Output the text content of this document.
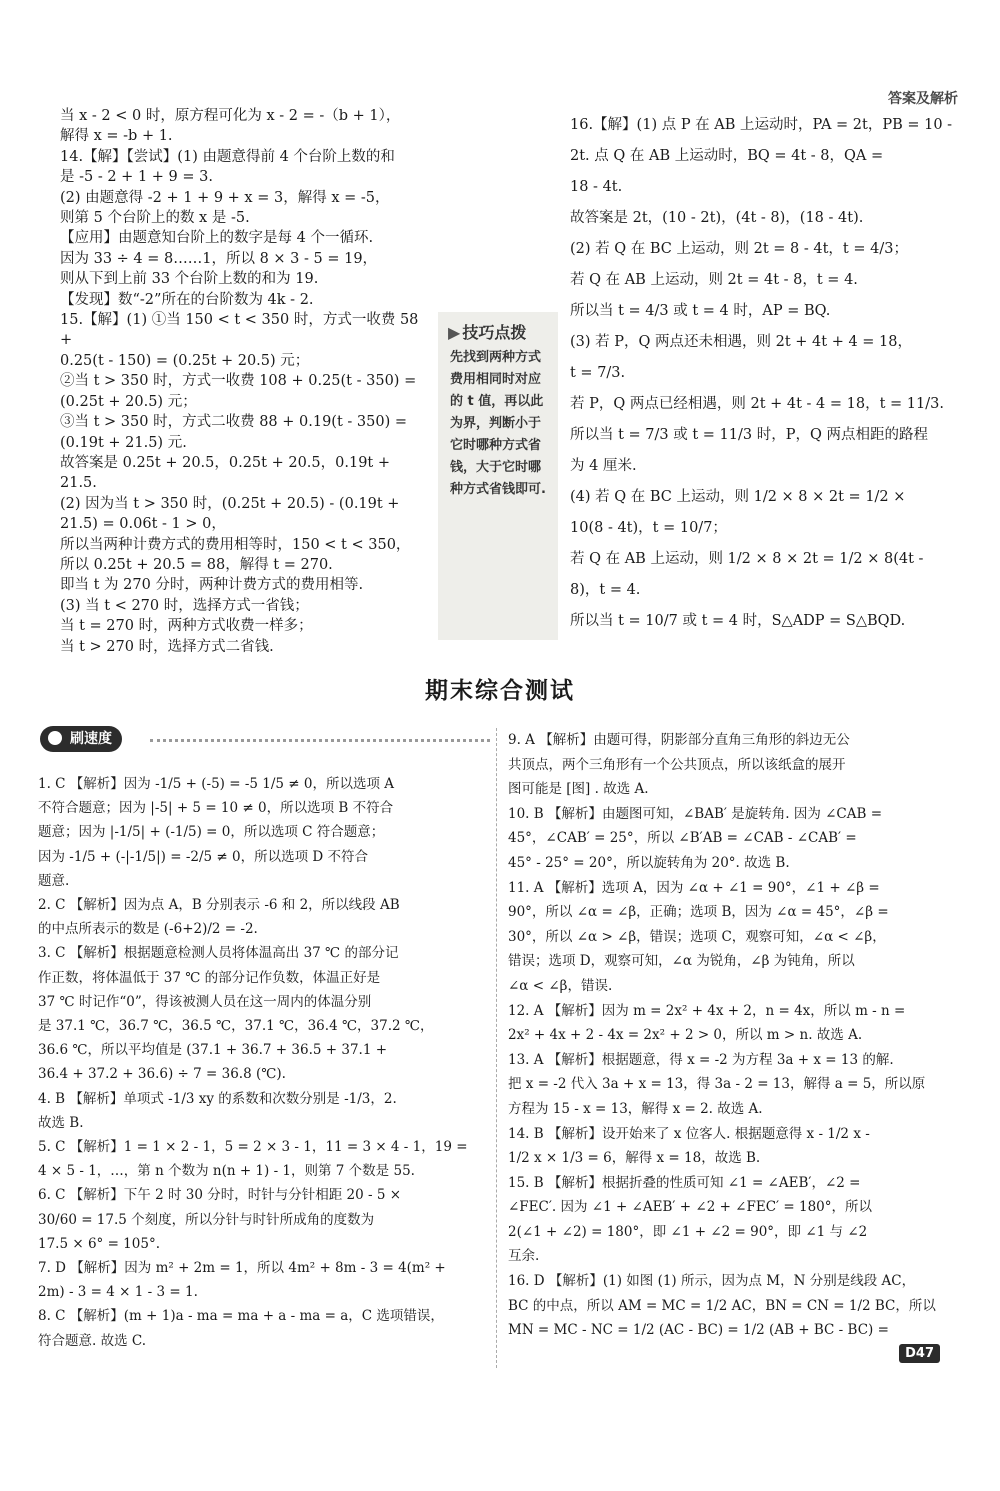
答案及解析

当 x - 2 < 0 时，原方程可化为 x - 2 = -（b + 1），

解得 x = -b + 1.

14.【解】【尝试】(1) 由题意得前 4 个台阶上数的和

是 -5 - 2 + 1 + 9 = 3.

(2) 由题意得 -2 + 1 + 9 + x = 3，解得 x = -5，

则第 5 个台阶上的数 x 是 -5.

【应用】由题意知台阶上的数字是每 4 个一循环.

因为 33 ÷ 4 = 8……1，所以 8 × 3 - 5 = 19，

则从下到上前 33 个台阶上数的和为 19.

【发现】数“-2”所在的台阶数为 4k - 2.

15.【解】(1) ①当 150 < t < 350 时，方式一收费 58 +

0.25(t - 150) = (0.25t + 20.5) 元；

②当 t > 350 时，方式一收费 108 + 0.25(t - 350) =

(0.25t + 20.5) 元；

③当 t > 350 时，方式二收费 88 + 0.19(t - 350) =

(0.19t + 21.5) 元.

故答案是 0.25t + 20.5，0.25t + 20.5，0.19t +

21.5.

(2) 因为当 t > 350 时，(0.25t + 20.5) - (0.19t +

21.5) = 0.06t - 1 > 0，

所以当两种计费方式的费用相等时，150 < t < 350，

所以 0.25t + 20.5 = 88，解得 t = 270.

即当 t 为 270 分时，两种计费方式的费用相等.

(3) 当 t < 270 时，选择方式一省钱；

当 t = 270 时，两种方式收费一样多；

当 t > 270 时，选择方式二省钱.

▶ 技巧点拨
先找到两种方式费用相同时对应的 t 值，再以此为界，判断小于它时哪种方式省钱，大于它时哪种方式省钱即可.

16.【解】(1) 点 P 在 AB 上运动时，PA = 2t，PB = 10 -

2t. 点 Q 在 AB 上运动时，BQ = 4t - 8，QA =

18 - 4t.

故答案是 2t，(10 - 2t)，(4t - 8)，(18 - 4t).

(2) 若 Q 在 BC 上运动，则 2t = 8 - 4t，t = 4/3；

若 Q 在 AB 上运动，则 2t = 4t - 8，t = 4.

所以当 t = 4/3 或 t = 4 时，AP = BQ.

(3) 若 P，Q 两点还未相遇，则 2t + 4t + 4 = 18，

t = 7/3.

若 P，Q 两点已经相遇，则 2t + 4t - 4 = 18，t = 11/3.

所以当 t = 7/3 或 t = 11/3 时，P，Q 两点相距的路程

为 4 厘米.

(4) 若 Q 在 BC 上运动，则 1/2 × 8 × 2t = 1/2 ×

10(8 - 4t)，t = 10/7；

若 Q 在 AB 上运动，则 1/2 × 8 × 2t = 1/2 × 8(4t -

8)，t = 4.

所以当 t = 10/7 或 t = 4 时，S△ADP = S△BQD.

期末综合测试
刷速度

1. C 【解析】因为 -1/5 + (-5) = -5 1/5 ≠ 0，所以选项 A

不符合题意；因为 |-5| + 5 = 10 ≠ 0，所以选项 B 不符合

题意；因为 |-1/5| + (-1/5) = 0，所以选项 C 符合题意；

因为 -1/5 + (-|-1/5|) = -2/5 ≠ 0，所以选项 D 不符合

题意.

2. C 【解析】因为点 A，B 分别表示 -6 和 2，所以线段 AB

的中点所表示的数是 (-6+2)/2 = -2.

3. C 【解析】根据题意检测人员将体温高出 37 ℃ 的部分记

作正数，将体温低于 37 ℃ 的部分记作负数，体温正好是

37 ℃ 时记作“0”，得该被测人员在这一周内的体温分别

是 37.1 ℃，36.7 ℃，36.5 ℃，37.1 ℃，36.4 ℃，37.2 ℃，

36.6 ℃，所以平均值是 (37.1 + 36.7 + 36.5 + 37.1 +

36.4 + 37.2 + 36.6) ÷ 7 = 36.8 (℃).

4. B 【解析】单项式 -1/3 xy 的系数和次数分别是 -1/3，2.

故选 B.

5. C 【解析】1 = 1 × 2 - 1，5 = 2 × 3 - 1，11 = 3 × 4 - 1，19 =

4 × 5 - 1，…，第 n 个数为 n(n + 1) - 1，则第 7 个数是 55.

6. C 【解析】下午 2 时 30 分时，时针与分针相距 20 - 5 ×

30/60 = 17.5 个刻度，所以分针与时针所成角的度数为

17.5 × 6° = 105°.

7. D 【解析】因为 m² + 2m = 1，所以 4m² + 8m - 3 = 4(m² +

2m) - 3 = 4 × 1 - 3 = 1.

8. C 【解析】(m + 1)a - ma = ma + a - ma = a，C 选项错误，

符合题意. 故选 C.

9. A 【解析】由题可得，阴影部分直角三角形的斜边无公

共顶点，两个三角形有一个公共顶点，所以该纸盒的展开

图可能是 [图] . 故选 A.

10. B 【解析】由题图可知，∠BAB′ 是旋转角. 因为 ∠CAB =

45°，∠CAB′ = 25°，所以 ∠B′AB = ∠CAB - ∠CAB′ =

45° - 25° = 20°，所以旋转角为 20°. 故选 B.

11. A 【解析】选项 A，因为 ∠α + ∠1 = 90°，∠1 + ∠β =

90°，所以 ∠α = ∠β，正确；选项 B，因为 ∠α = 45°，∠β =

30°，所以 ∠α > ∠β，错误；选项 C，观察可知，∠α < ∠β，

错误；选项 D，观察可知，∠α 为锐角，∠β 为钝角，所以

∠α < ∠β，错误.

12. A 【解析】因为 m = 2x² + 4x + 2，n = 4x，所以 m - n =

2x² + 4x + 2 - 4x = 2x² + 2 > 0，所以 m > n. 故选 A.

13. A 【解析】根据题意，得 x = -2 为方程 3a + x = 13 的解.

把 x = -2 代入 3a + x = 13，得 3a - 2 = 13，解得 a = 5，所以原

方程为 15 - x = 13，解得 x = 2. 故选 A.

14. B 【解析】设开始来了 x 位客人. 根据题意得 x - 1/2 x -

1/2 x × 1/3 = 6，解得 x = 18，故选 B.

15. B 【解析】根据折叠的性质可知 ∠1 = ∠AEB′，∠2 =

∠FEC′. 因为 ∠1 + ∠AEB′ + ∠2 + ∠FEC′ = 180°，所以

2(∠1 + ∠2) = 180°，即 ∠1 + ∠2 = 90°，即 ∠1 与 ∠2

互余.

16. D 【解析】(1) 如图 (1) 所示，因为点 M，N 分别是线段 AC，

BC 的中点，所以 AM = MC = 1/2 AC，BN = CN = 1/2 BC，所以

MN = MC - NC = 1/2 (AC - BC) = 1/2 (AB + BC - BC) =

D47
